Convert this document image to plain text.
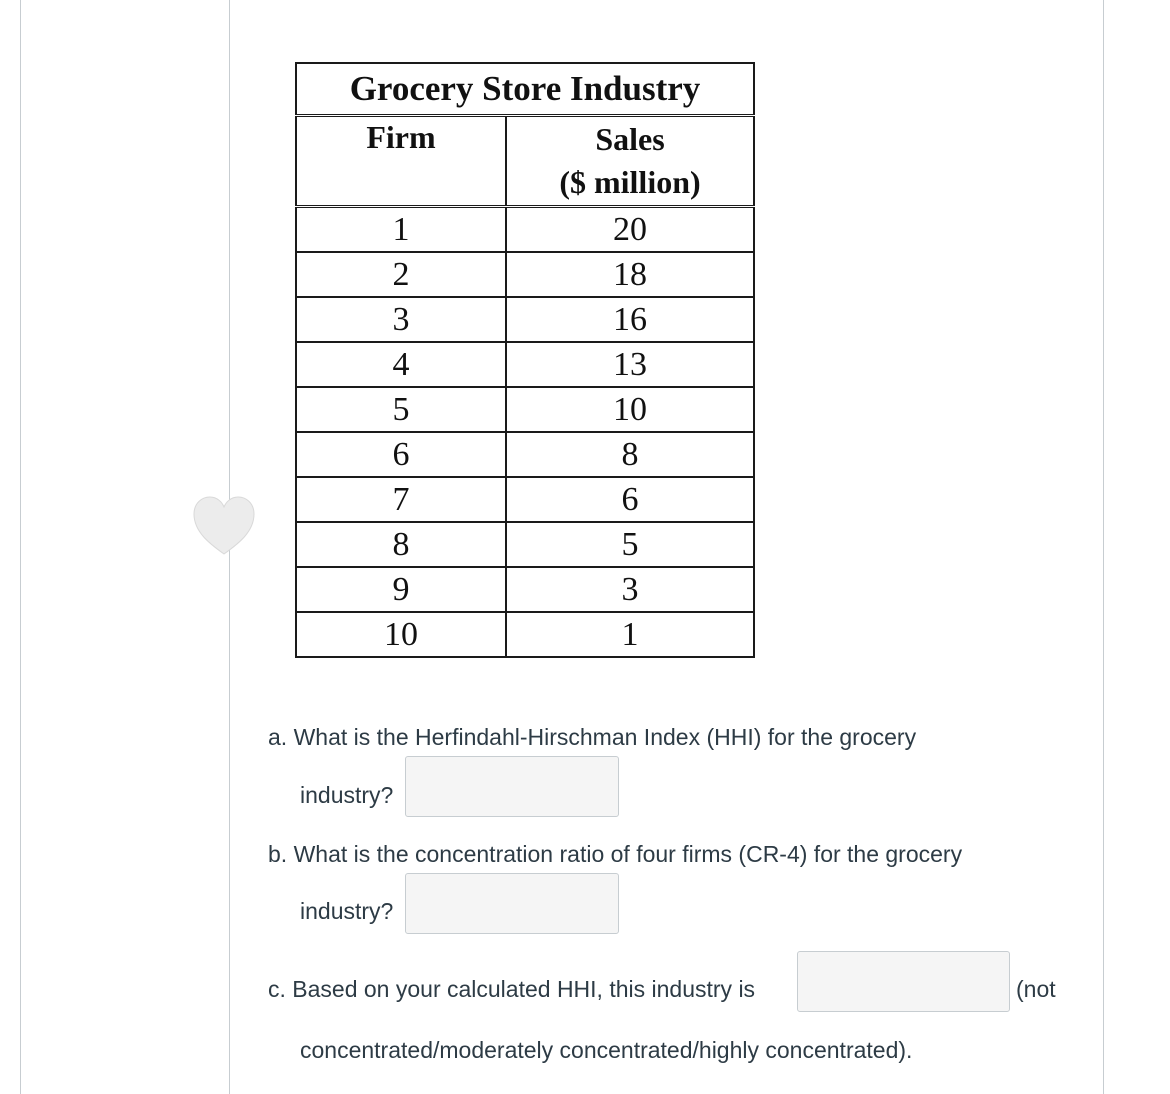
Grocery Store Industry	
Firm	Sales
($ million)

1	20
2	18
3	16
4	13
5	10
6	8
7	6
8	5
9	3
10	1
a. What is the Herfindahl-Hirschman Index (HHI) for the grocery
industry?
b. What is the concentration ratio of four firms (CR-4) for the grocery
industry?
c. Based on your calculated HHI, this industry is	(not
concentrated/moderately concentrated/highly concentrated).
